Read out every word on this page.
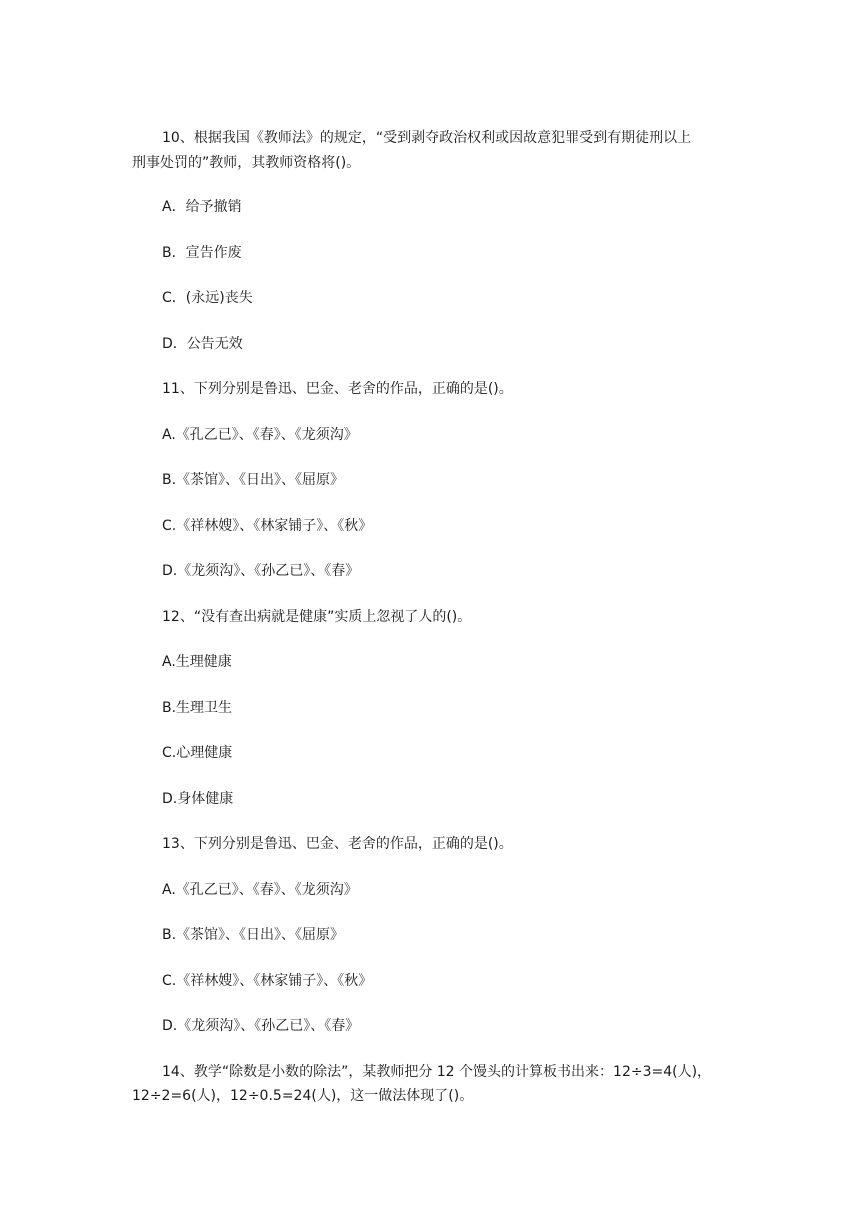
10、根据我国《教师法》的规定，“受到剥夺政治权利或因故意犯罪受到有期徒刑以上
刑事处罚的”教师，其教师资格将()。
A．给予撤销
B．宣告作废
C．(永远)丧失
D．公告无效
11、下列分别是鲁迅、巴金、老舍的作品，正确的是()。
A.《孔乙已》、《春》、《龙须沟》
B.《茶馆》、《日出》、《屈原》
C.《祥林嫂》、《林家铺子》、《秋》
D.《龙须沟》、《孙乙已》、《春》
12、“没有查出病就是健康”实质上忽视了人的()。
A.生理健康
B.生理卫生
C.心理健康
D.身体健康
13、下列分别是鲁迅、巴金、老舍的作品，正确的是()。
A.《孔乙已》、《春》、《龙须沟》
B.《茶馆》、《日出》、《屈原》
C.《祥林嫂》、《林家铺子》、《秋》
D.《龙须沟》、《孙乙已》、《春》
14、教学“除数是小数的除法”，某教师把分 12 个馒头的计算板书出来：12÷3=4(人)，
12÷2=6(人)，12÷0.5=24(人)，这一做法体现了()。
